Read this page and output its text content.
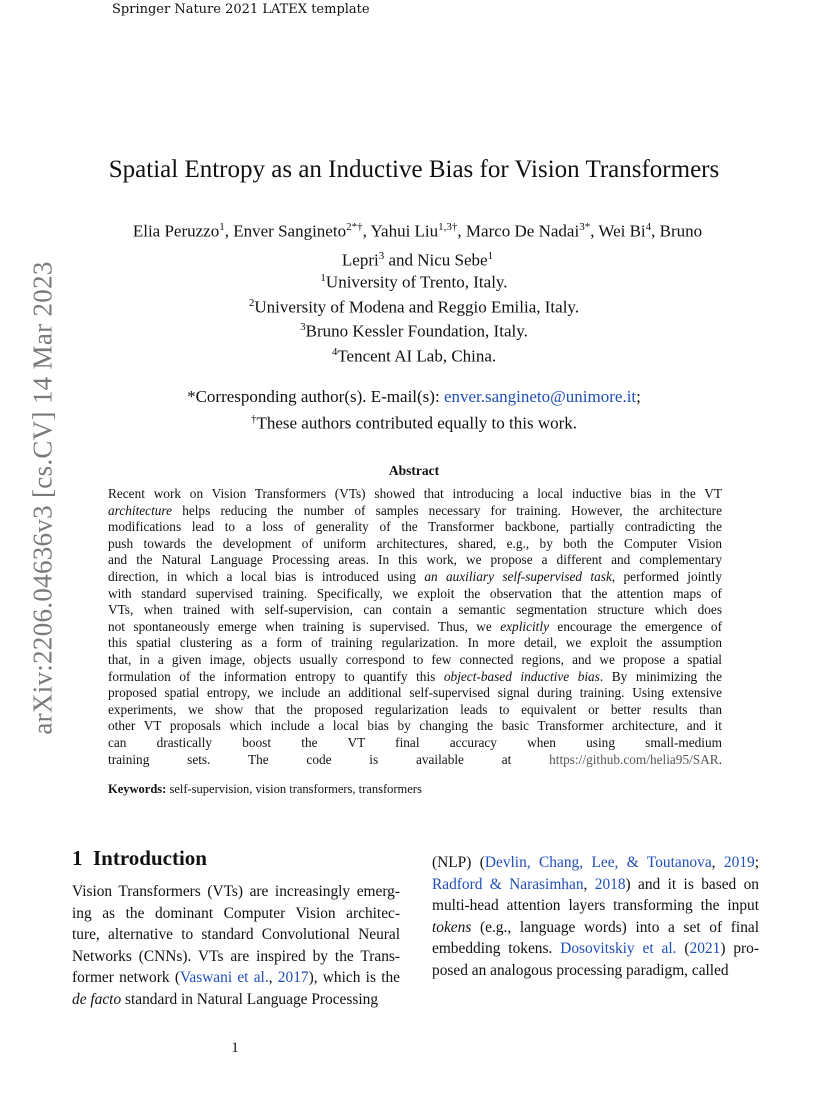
Springer Nature 2021 LATEX template
arXiv:2206.04636v3 [cs.CV] 14 Mar 2023
Spatial Entropy as an Inductive Bias for Vision Transformers
Elia Peruzzo$^1$, Enver Sangineto$^{2*\dagger}$, Yahui Liu$^{1,3\dagger}$, Marco De Nadai$^{3*}$, Wei Bi$^4$, Bruno
Lepri$^3$ and Nicu Sebe$^1$
$^1$University of Trento, Italy.
$^2$University of Modena and Reggio Emilia, Italy.
$^3$Bruno Kessler Foundation, Italy.
$^4$Tencent AI Lab, China.
*Corresponding author(s). E-mail(s): enver.sangineto@unimore.it;
†These authors contributed equally to this work.
Abstract
Recent work on Vision Transformers (VTs) showed that introducing a local inductive bias in the VT
architecture helps reducing the number of samples necessary for training. However, the architecture
modifications lead to a loss of generality of the Transformer backbone, partially contradicting the
push towards the development of uniform architectures, shared, e.g., by both the Computer Vision
and the Natural Language Processing areas. In this work, we propose a different and complementary
direction, in which a local bias is introduced using an auxiliary self-supervised task, performed jointly
with standard supervised training. Specifically, we exploit the observation that the attention maps of
VTs, when trained with self-supervision, can contain a semantic segmentation structure which does
not spontaneously emerge when training is supervised. Thus, we explicitly encourage the emergence of
this spatial clustering as a form of training regularization. In more detail, we exploit the assumption
that, in a given image, objects usually correspond to few connected regions, and we propose a spatial
formulation of the information entropy to quantify this object-based inductive bias. By minimizing the
proposed spatial entropy, we include an additional self-supervised signal during training. Using extensive
experiments, we show that the proposed regularization leads to equivalent or better results than
other VT proposals which include a local bias by changing the basic Transformer architecture, and it
can drastically boost the VT final accuracy when using small-medium
training sets. The code is available at https://github.com/helia95/SAR.
Keywords: self-supervision, vision transformers, transformers
1 Introduction
Vision Transformers (VTs) are increasingly emerg-
ing as the dominant Computer Vision architec-
ture, alternative to standard Convolutional Neural
Networks (CNNs). VTs are inspired by the Trans-
former network (Vaswani et al., 2017), which is the
de facto standard in Natural Language Processing
(NLP) (Devlin, Chang, Lee, & Toutanova, 2019;
Radford & Narasimhan, 2018) and it is based on
multi-head attention layers transforming the input
tokens (e.g., language words) into a set of final
embedding tokens. Dosovitskiy et al. (2021) pro-
posed an analogous processing paradigm, called
1
